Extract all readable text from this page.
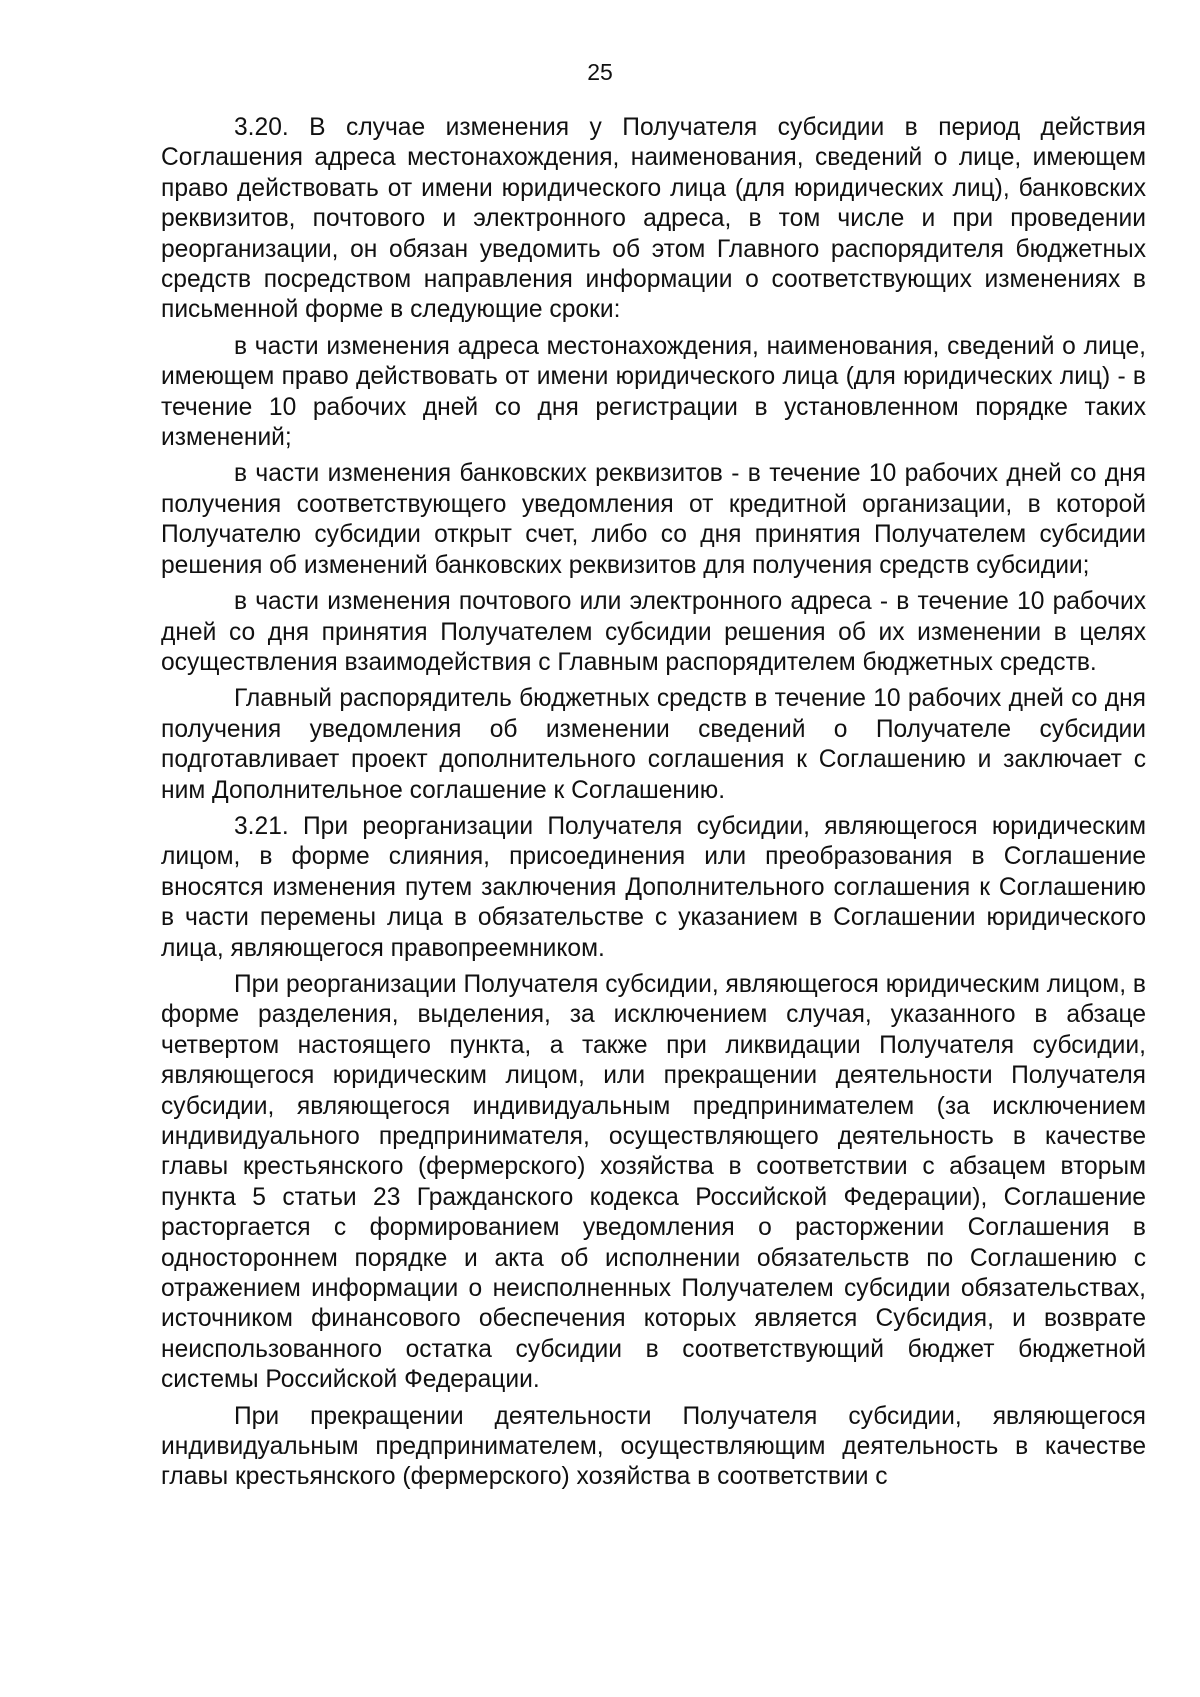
25

3.20. В случае изменения у Получателя субсидии в период действия Соглашения адреса местонахождения, наименования, сведений о лице, имеющем право действовать от имени юридического лица (для юридических лиц), банковских реквизитов, почтового и электронного адреса, в том числе и при проведении реорганизации, он обязан уведомить об этом Главного распорядителя бюджетных средств посредством направления информации о соответствующих изменениях в письменной форме в следующие сроки:

в части изменения адреса местонахождения, наименования, сведений о лице, имеющем право действовать от имени юридического лица (для юридических лиц) - в течение 10 рабочих дней со дня регистрации в установленном порядке таких изменений;

в части изменения банковских реквизитов - в течение 10 рабочих дней со дня получения соответствующего уведомления от кредитной организации, в которой Получателю субсидии открыт счет, либо со дня принятия Получателем субсидии решения об изменений банковских реквизитов для получения средств субсидии;

в части изменения почтового или электронного адреса - в течение 10 рабочих дней со дня принятия Получателем субсидии решения об их изменении в целях осуществления взаимодействия с Главным распорядителем бюджетных средств.

Главный распорядитель бюджетных средств в течение 10 рабочих дней со дня получения уведомления об изменении сведений о Получателе субсидии подготавливает проект дополнительного соглашения к Соглашению и заключает с ним Дополнительное соглашение к Соглашению.

3.21. При реорганизации Получателя субсидии, являющегося юридическим лицом, в форме слияния, присоединения или преобразования в Соглашение вносятся изменения путем заключения Дополнительного соглашения к Соглашению в части перемены лица в обязательстве с указанием в Соглашении юридического лица, являющегося правопреемником.

При реорганизации Получателя субсидии, являющегося юридическим лицом, в форме разделения, выделения, за исключением случая, указанного в абзаце четвертом настоящего пункта, а также при ликвидации Получателя субсидии, являющегося юридическим лицом, или прекращении деятельности Получателя субсидии, являющегося индивидуальным предпринимателем (за исключением индивидуального предпринимателя, осуществляющего деятельность в качестве главы крестьянского (фермерского) хозяйства в соответствии с абзацем вторым пункта 5 статьи 23 Гражданского кодекса Российской Федерации), Соглашение расторгается с формированием уведомления о расторжении Соглашения в одностороннем порядке и акта об исполнении обязательств по Соглашению с отражением информации о неисполненных Получателем субсидии обязательствах, источником финансового обеспечения которых является Субсидия, и возврате неиспользованного остатка субсидии в соответствующий бюджет бюджетной системы Российской Федерации.

При прекращении деятельности Получателя субсидии, являющегося индивидуальным предпринимателем, осуществляющим деятельность в качестве главы крестьянского (фермерского) хозяйства в соответствии с
